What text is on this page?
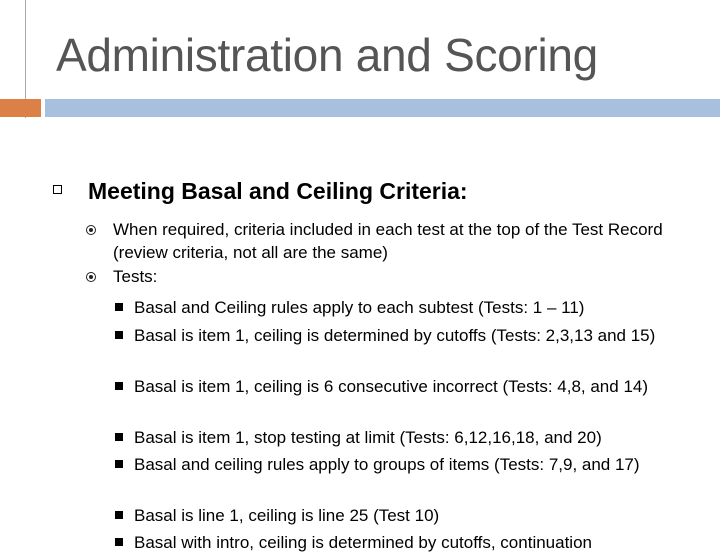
Administration and Scoring
Meeting Basal and Ceiling Criteria:
When required, criteria included in each test at the top of the Test Record (review criteria, not all are the same)
Tests:
Basal and Ceiling rules apply to each subtest (Tests: 1 – 11)
Basal is item 1, ceiling is determined by cutoffs (Tests: 2,3,13 and 15)
Basal is item 1, ceiling is 6 consecutive incorrect (Tests: 4,8, and 14)
Basal is item 1, stop testing at limit (Tests: 6,12,16,18, and 20)
Basal and ceiling rules apply to groups of items (Tests: 7,9, and 17)
Basal is line 1, ceiling is line 25 (Test 10)
Basal with intro, ceiling is determined by cutoffs, continuation
